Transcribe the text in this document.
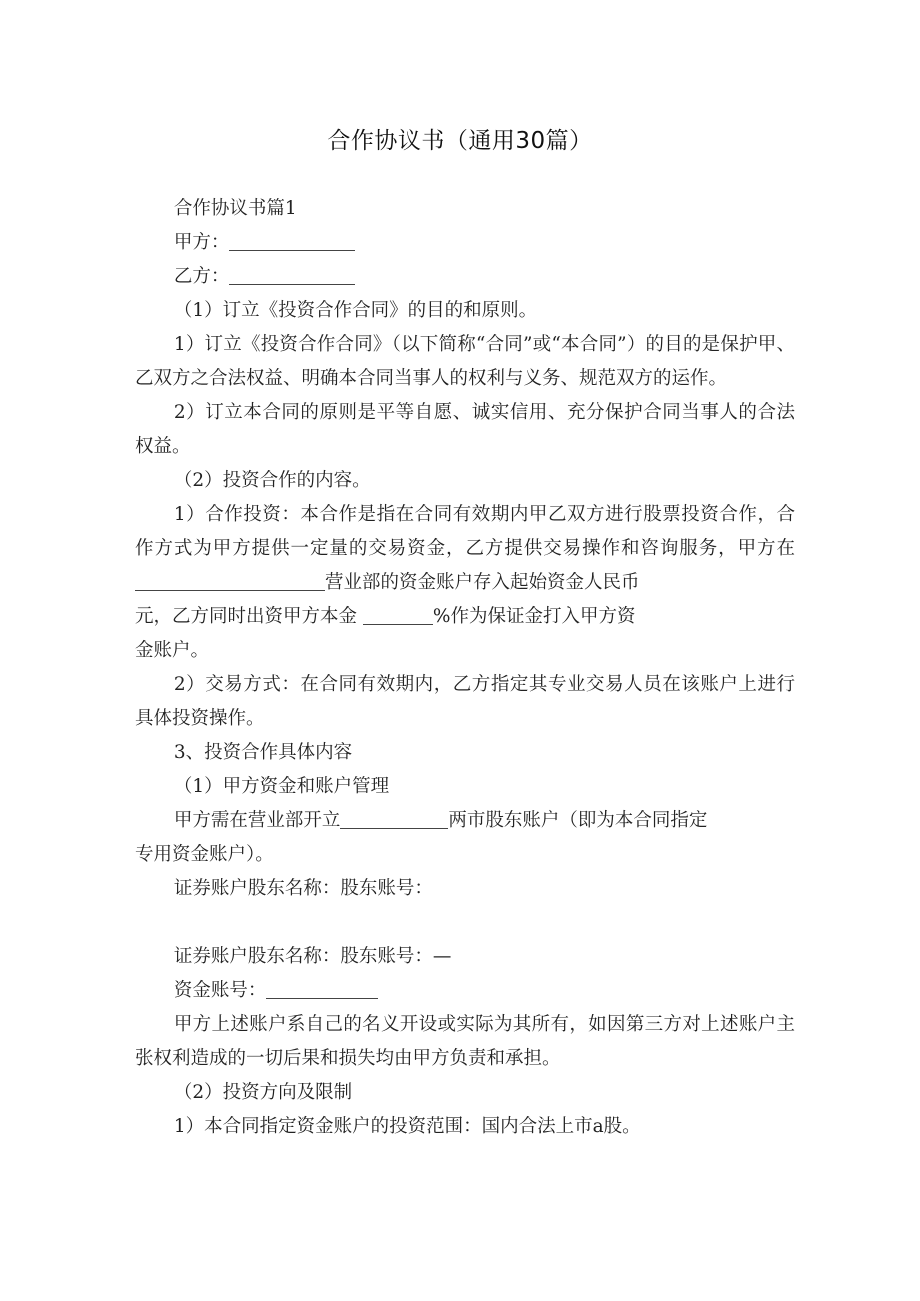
合作协议书（通用30篇）

合作协议书篇1

甲方：

乙方：

（1）订立《投资合作合同》的目的和原则。

1）订立《投资合作合同》（以下简称“合同”或“本合同”）的目的是保护甲、乙双方之合法权益、明确本合同当事人的权利与义务、规范双方的运作。

2）订立本合同的原则是平等自愿、诚实信用、充分保护合同当事人的合法权益。

（2）投资合作的内容。

1）合作投资：本合作是指在合同有效期内甲乙双方进行股票投资合作，合作方式为甲方提供一定量的交易资金，乙方提供交易操作和咨询服务，甲方在营业部的资金账户存入起始资金人民币
元，乙方同时出资甲方本金	%作为保证金打入甲方资
金账户。

2）交易方式：在合同有效期内，乙方指定其专业交易人员在该账户上进行具体投资操作。

3、投资合作具体内容

（1）甲方资金和账户管理

甲方需在营业部开立	两市股东账户（即为本合同指定
专用资金账户）。

证券账户股东名称：股东账号：

证券账户股东名称：股东账号：—

资金账号：

甲方上述账户系自己的名义开设或实际为其所有，如因第三方对上述账户主张权利造成的一切后果和损失均由甲方负责和承担。

（2）投资方向及限制

1）本合同指定资金账户的投资范围：国内合法上市a股。
